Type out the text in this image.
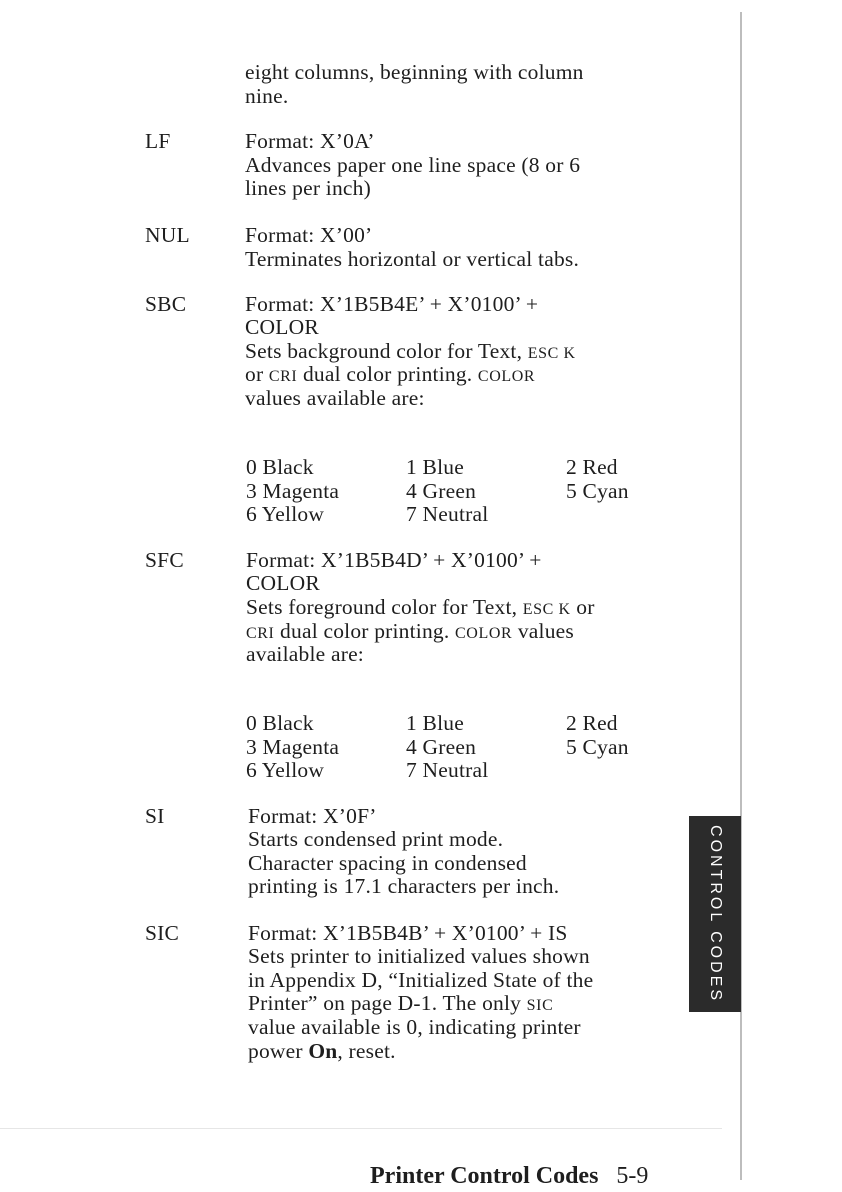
eight columns, beginning with column
nine.
LF	Format: X’0A’
Advances paper one line space (8 or 6
lines per inch)
NUL	Format: X’00’
Terminates horizontal or vertical tabs.
SBC	Format: X’1B5B4E’ + X’0100’ +
COLOR
Sets background color for Text, ESC K
or CRI dual color printing. COLOR
values available are:
0 Black	1 Blue	2 Red
3 Magenta	4 Green	5 Cyan
6 Yellow	7 Neutral
SFC	Format: X’1B5B4D’ + X’0100’ +
COLOR
Sets foreground color for Text, ESC K or
CRI dual color printing. COLOR values
available are:
0 Black	1 Blue	2 Red
3 Magenta	4 Green	5 Cyan
6 Yellow	7 Neutral
SI	Format: X’0F’
Starts condensed print mode.
Character spacing in condensed
printing is 17.1 characters per inch.
SIC	Format: X’1B5B4B’ + X’0100’ + IS
Sets printer to initialized values shown
in Appendix D, “Initialized State of the
Printer” on page D-1. The only SIC
value available is 0, indicating printer
power On, reset.
CONTROL CODES
Printer Control Codes 5-9
